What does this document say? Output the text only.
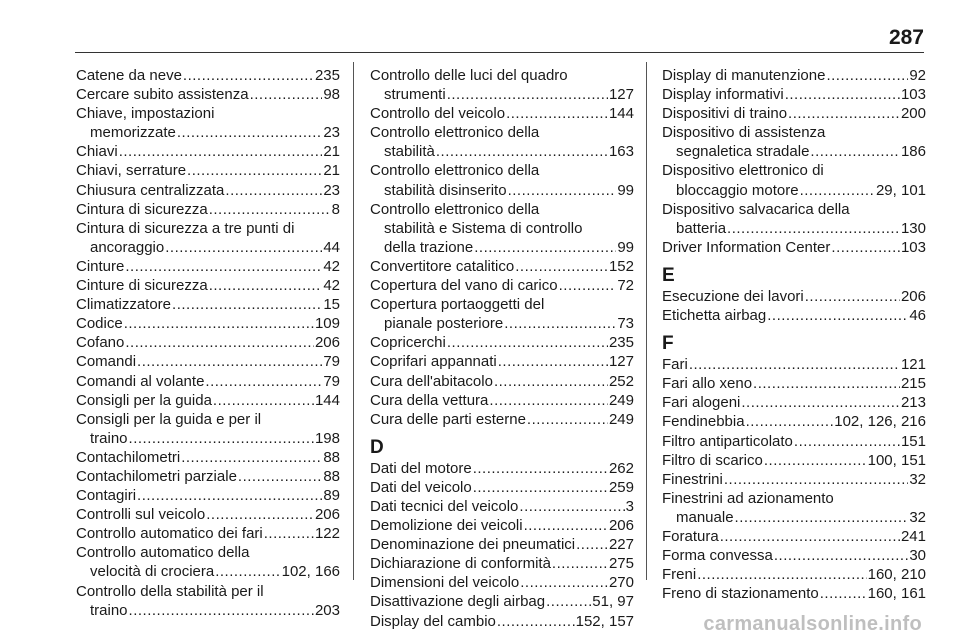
287
Catene da neve .....	235
Cercare subito assistenza .....	98
Chiave, impostazioni
memorizzate .....	23
Chiavi .....	21
Chiavi, serrature .....	21
Chiusura centralizzata .....	23
Cintura di sicurezza .....	8
Cintura di sicurezza a tre punti di
ancoraggio .....	44
Cinture .....	42
Cinture di sicurezza .....	42
Climatizzatore .....	15
Codice .....	109
Cofano .....	206
Comandi .....	79
Comandi al volante .....	79
Consigli per la guida .....	144
Consigli per la guida e per il
traino .....	198
Contachilometri .....	88
Contachilometri parziale .....	88
Contagiri .....	89
Controlli sul veicolo .....	206
Controllo automatico dei fari .....	122
Controllo automatico della
velocità di crociera .....	102, 166
Controllo della stabilità per il
traino .....	203
Controllo delle luci del quadro
strumenti .....	127
Controllo del veicolo .....	144
Controllo elettronico della
stabilità .....	163
Controllo elettronico della
stabilità disinserito .....	99
Controllo elettronico della
stabilità e Sistema di controllo
della trazione .....	99
Convertitore catalitico .....	152
Copertura del vano di carico .....	72
Copertura portaoggetti del
pianale posteriore .....	73
Copricerchi .....	235
Coprifari appannati .....	127
Cura dell'abitacolo .....	252
Cura della vettura .....	249
Cura delle parti esterne .....	249
D
Dati del motore .....	262
Dati del veicolo .....	259
Dati tecnici del veicolo .....	3
Demolizione dei veicoli .....	206
Denominazione dei pneumatici ..... 227
Dichiarazione di conformità .....	275
Dimensioni del veicolo .....	270
Disattivazione degli airbag .....	51, 97
Display del cambio .....	152, 157
Display di manutenzione .....	92
Display informativi .....	103
Dispositivi di traino .....	200
Dispositivo di assistenza
segnaletica stradale .....	186
Dispositivo elettronico di
bloccaggio motore .....	29, 101
Dispositivo salvacarica della
batteria .....	130
Driver Information Center .....	103
E
Esecuzione dei lavori .....	206
Etichetta airbag .....	46
F
Fari .....	121
Fari allo xeno .....	215
Fari alogeni .....	213
Fendinebbia .....	102, 126, 216
Filtro antiparticolato .....	151
Filtro di scarico .....	100, 151
Finestrini .....	32
Finestrini ad azionamento
manuale .....	32
Foratura .....	241
Forma convessa .....	30
Freni .....	160, 210
Freno di stazionamento .....	160, 161
carmanualsonline.info
